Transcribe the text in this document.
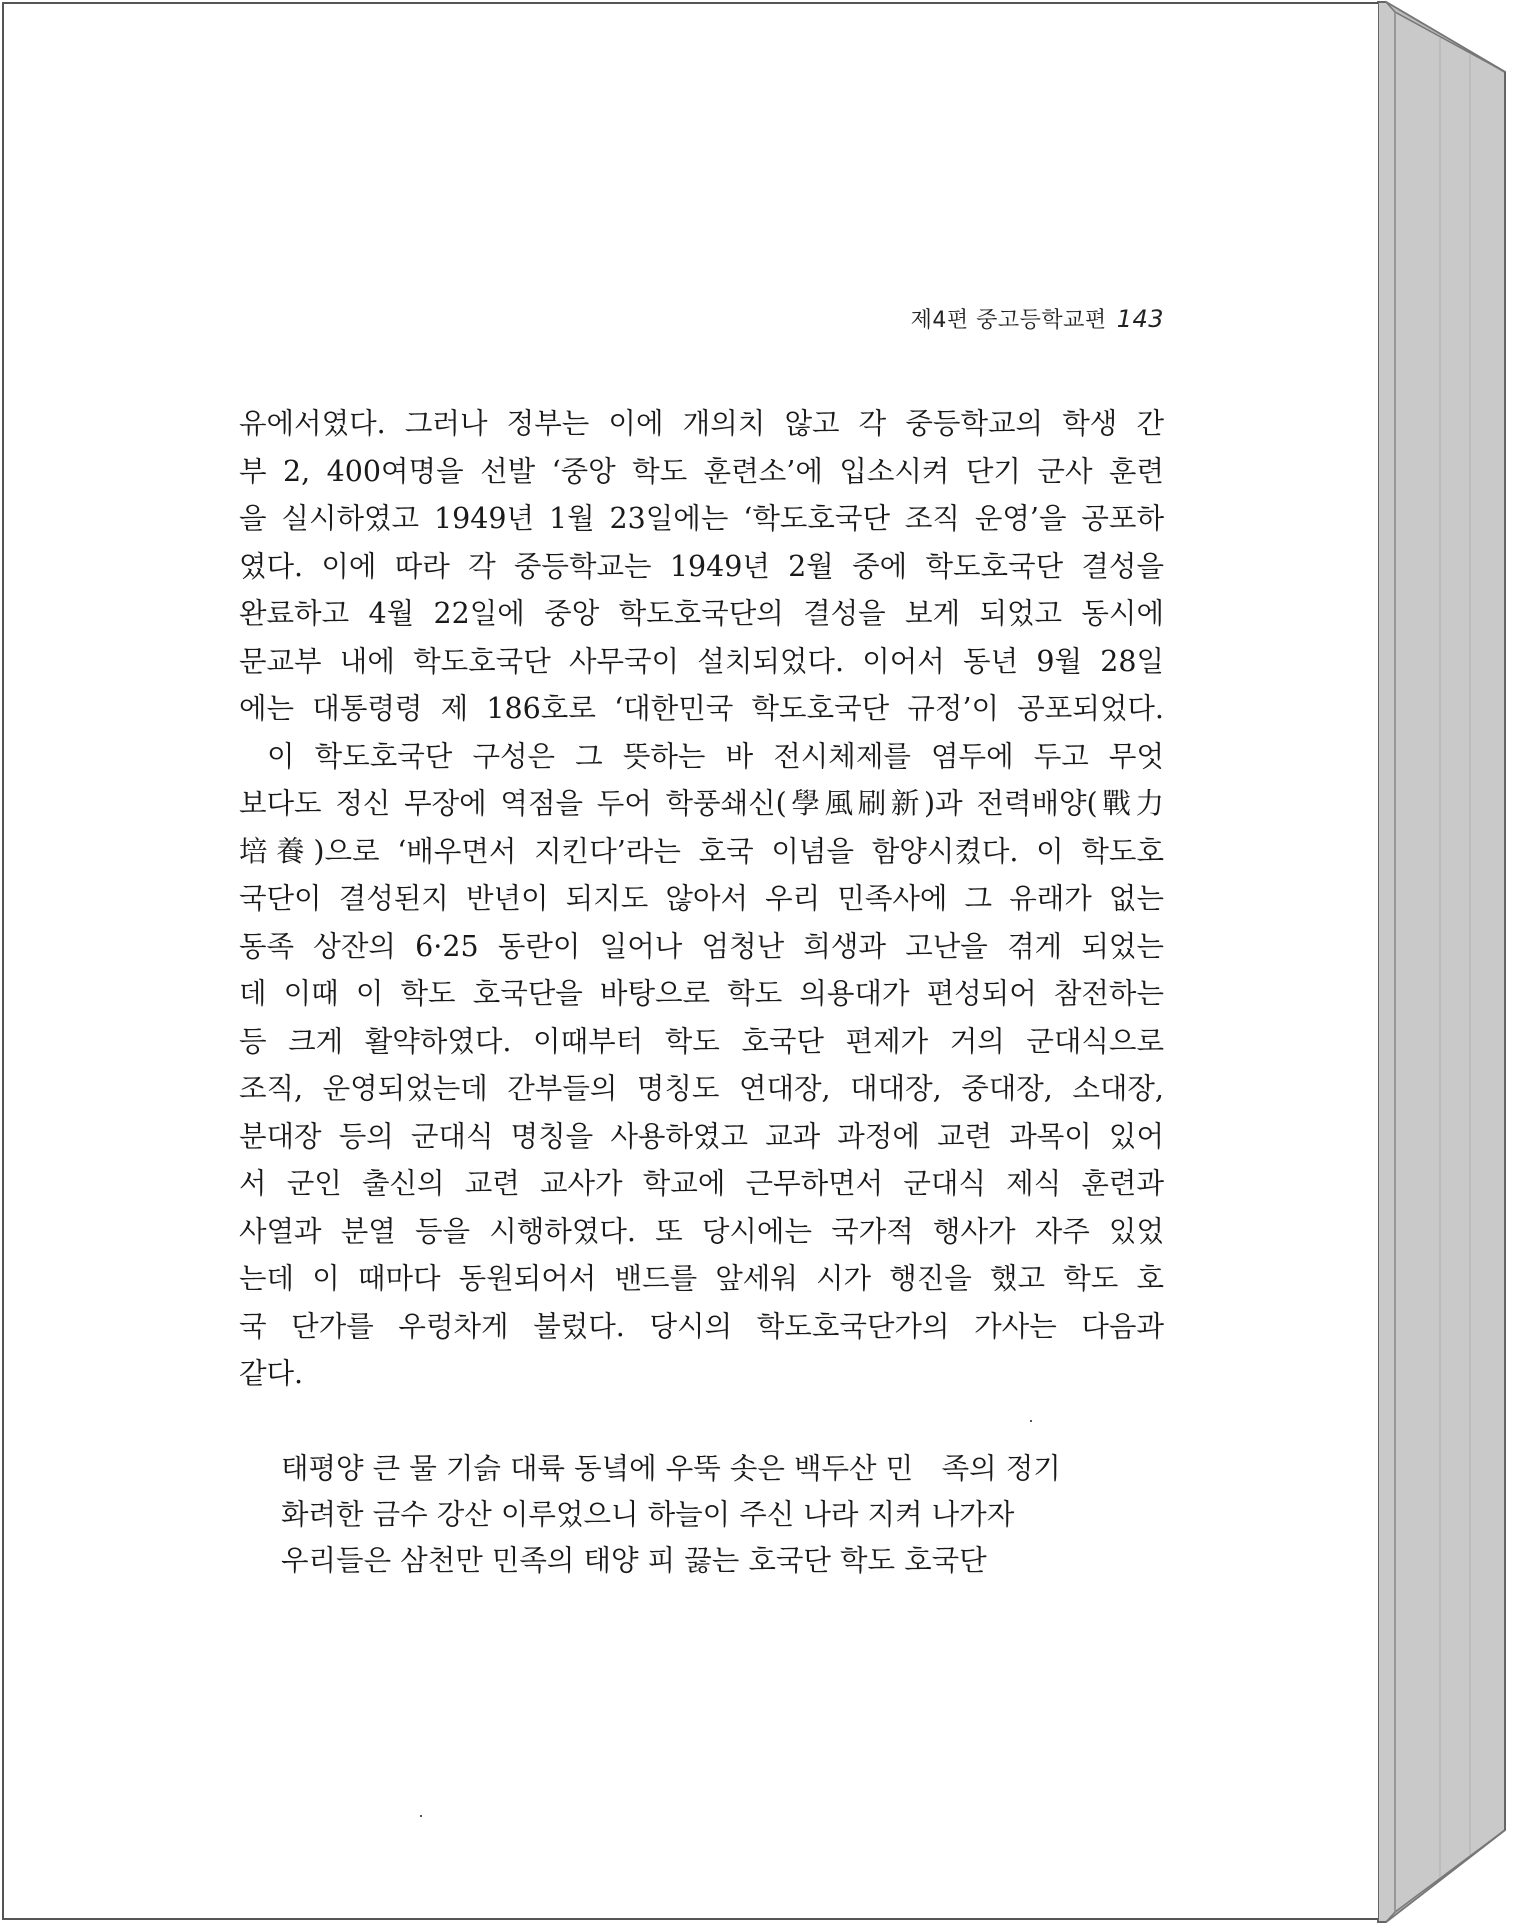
제4편 중고등학교편 143
유에서였다. 그러나 정부는 이에 개의치 않고 각 중등학교의 학생 간
부 2, 400여명을 선발 ‘중앙 학도 훈련소’에 입소시켜 단기 군사 훈련
을 실시하였고 1949년 1월 23일에는 ‘학도호국단 조직 운영’을 공포하
였다. 이에 따라 각 중등학교는 1949년 2월 중에 학도호국단 결성을
완료하고 4월 22일에 중앙 학도호국단의 결성을 보게 되었고 동시에
문교부 내에 학도호국단 사무국이 설치되었다. 이어서 동년 9월 28일
에는 대통령령 제 186호로 ‘대한민국 학도호국단 규정’이 공포되었다.
이 학도호국단 구성은 그 뜻하는 바 전시체제를 염두에 두고 무엇
보다도 정신 무장에 역점을 두어 학풍쇄신(學風刷新)과 전력배양(戰力
培養)으로 ‘배우면서 지킨다’라는 호국 이념을 함양시켰다. 이 학도호
국단이 결성된지 반년이 되지도 않아서 우리 민족사에 그 유래가 없는
동족 상잔의 6·25 동란이 일어나 엄청난 희생과 고난을 겪게 되었는
데 이때 이 학도 호국단을 바탕으로 학도 의용대가 편성되어 참전하는
등 크게 활약하였다. 이때부터 학도 호국단 편제가 거의 군대식으로
조직, 운영되었는데 간부들의 명칭도 연대장, 대대장, 중대장, 소대장,
분대장 등의 군대식 명칭을 사용하였고 교과 과정에 교련 과목이 있어
서 군인 출신의 교련 교사가 학교에 근무하면서 군대식 제식 훈련과
사열과 분열 등을 시행하였다. 또 당시에는 국가적 행사가 자주 있었
는데 이 때마다 동원되어서 밴드를 앞세워 시가 행진을 했고 학도 호
국 단가를 우렁차게 불렀다. 당시의 학도호국단가의 가사는 다음과
같다.
태평양 큰 물 기슭 대륙 동녘에 우뚝 솟은 백두산 민　족의 정기
화려한 금수 강산 이루었으니 하늘이 주신 나라 지켜 나가자
우리들은 삼천만 민족의 태양 피 끓는 호국단 학도 호국단
